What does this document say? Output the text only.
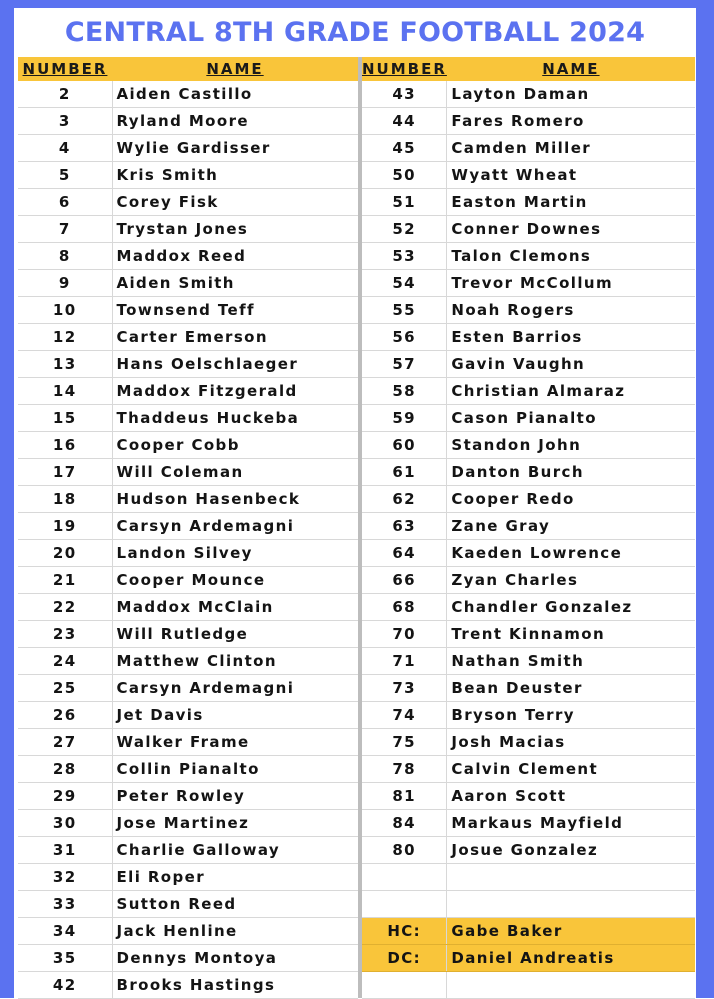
CENTRAL 8TH GRADE FOOTBALL 2024
NUMBER	NAME
2	Aiden Castillo
3	Ryland Moore
4	Wylie Gardisser
5	Kris Smith
6	Corey Fisk
7	Trystan Jones
8	Maddox Reed
9	Aiden Smith
10	Townsend Teff
12	Carter Emerson
13	Hans Oelschlaeger
14	Maddox Fitzgerald
15	Thaddeus Huckeba
16	Cooper Cobb
17	Will Coleman
18	Hudson Hasenbeck
19	Carsyn Ardemagni
20	Landon Silvey
21	Cooper Mounce
22	Maddox McClain
23	Will Rutledge
24	Matthew Clinton
25	Carsyn Ardemagni
26	Jet Davis
27	Walker Frame
28	Collin Pianalto
29	Peter Rowley
30	Jose Martinez
31	Charlie Galloway
32	Eli Roper
33	Sutton Reed
34	Jack Henline
35	Dennys Montoya
42	Brooks Hastings
NUMBER	NAME
43	Layton Daman
44	Fares Romero
45	Camden Miller
50	Wyatt Wheat
51	Easton Martin
52	Conner Downes
53	Talon Clemons
54	Trevor McCollum
55	Noah Rogers
56	Esten Barrios
57	Gavin Vaughn
58	Christian Almaraz
59	Cason Pianalto
60	Standon John
61	Danton Burch
62	Cooper Redo
63	Zane Gray
64	Kaeden Lowrence
66	Zyan Charles
68	Chandler Gonzalez
70	Trent Kinnamon
71	Nathan Smith
73	Bean Deuster
74	Bryson Terry
75	Josh Macias
78	Calvin Clement
81	Aaron Scott
84	Markaus Mayfield
80	Josue Gonzalez

HC:	Gabe Baker
DC:	Daniel Andreatis
